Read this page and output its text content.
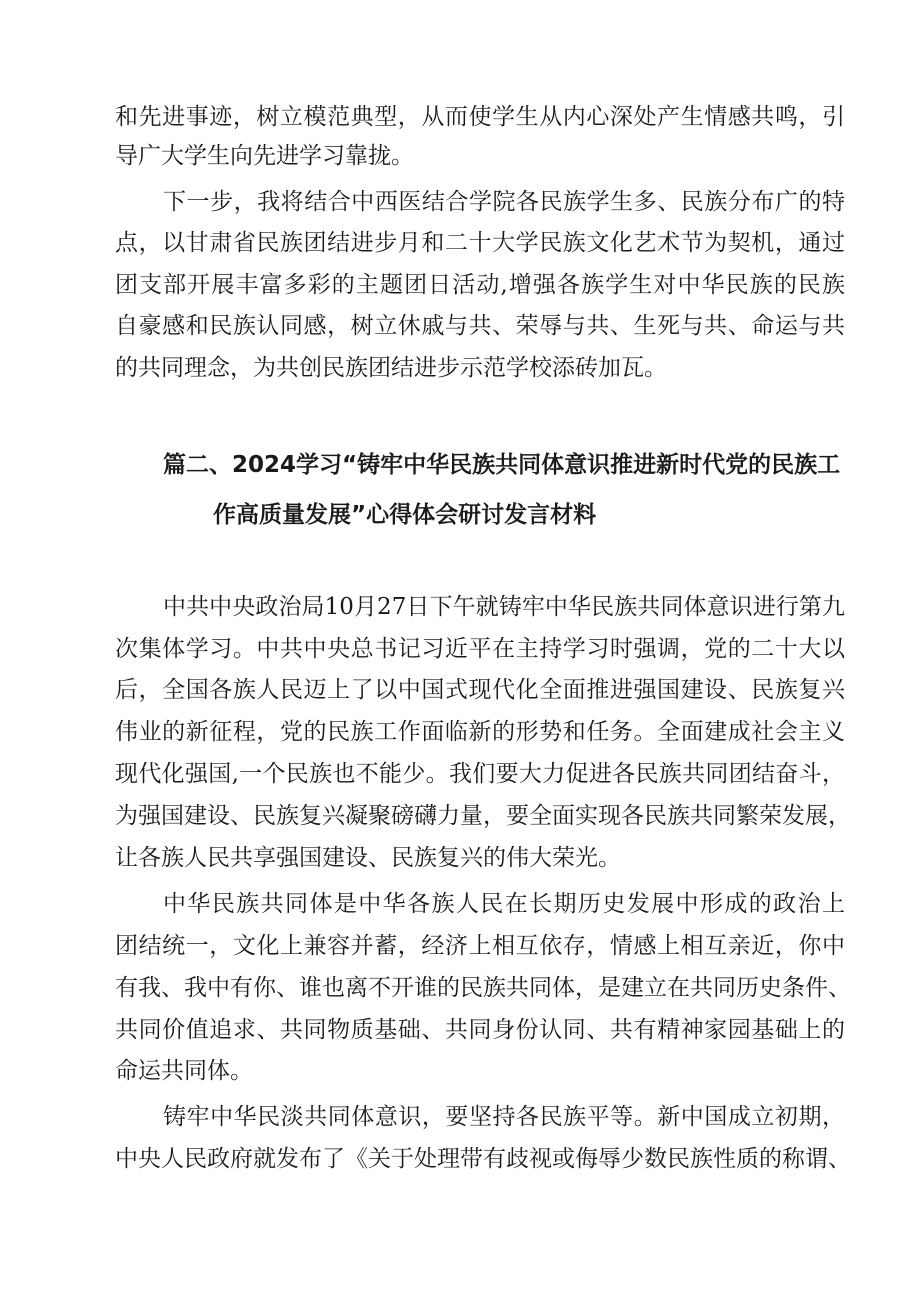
和先进事迹，树立模范典型，从而使学生从内心深处产生情感共鸣，引
导广大学生向先进学习靠拢。
下一步，我将结合中西医结合学院各民族学生多、民族分布广的特
点，以甘肃省民族团结进步月和二十大学民族文化艺术节为契机，通过
团支部开展丰富多彩的主题团日活动,增强各族学生对中华民族的民族
自豪感和民族认同感，树立休戚与共、荣辱与共、生死与共、命运与共
的共同理念，为共创民族团结进步示范学校添砖加瓦。
篇二、2024学习“铸牢中华民族共同体意识推进新时代党的民族工
作高质量发展”心得体会研讨发言材料
中共中央政治局10月27日下午就铸牢中华民族共同体意识进行第九
次集体学习。中共中央总书记习近平在主持学习时强调，党的二十大以
后，全国各族人民迈上了以中国式现代化全面推进强国建设、民族复兴
伟业的新征程，党的民族工作面临新的形势和任务。全面建成社会主义
现代化强国,一个民族也不能少。我们要大力促进各民族共同团结奋斗，
为强国建设、民族复兴凝聚磅礴力量，要全面实现各民族共同繁荣发展，
让各族人民共享强国建设、民族复兴的伟大荣光。
中华民族共同体是中华各族人民在长期历史发展中形成的政治上
团结统一，文化上兼容并蓄，经济上相互依存，情感上相互亲近，你中
有我、我中有你、谁也离不开谁的民族共同体，是建立在共同历史条件、
共同价值追求、共同物质基础、共同身份认同、共有精神家园基础上的
命运共同体。
铸牢中华民淡共同体意识，要坚持各民族平等。新中国成立初期，
中央人民政府就发布了《关于处理带有歧视或侮辱少数民族性质的称谓、
